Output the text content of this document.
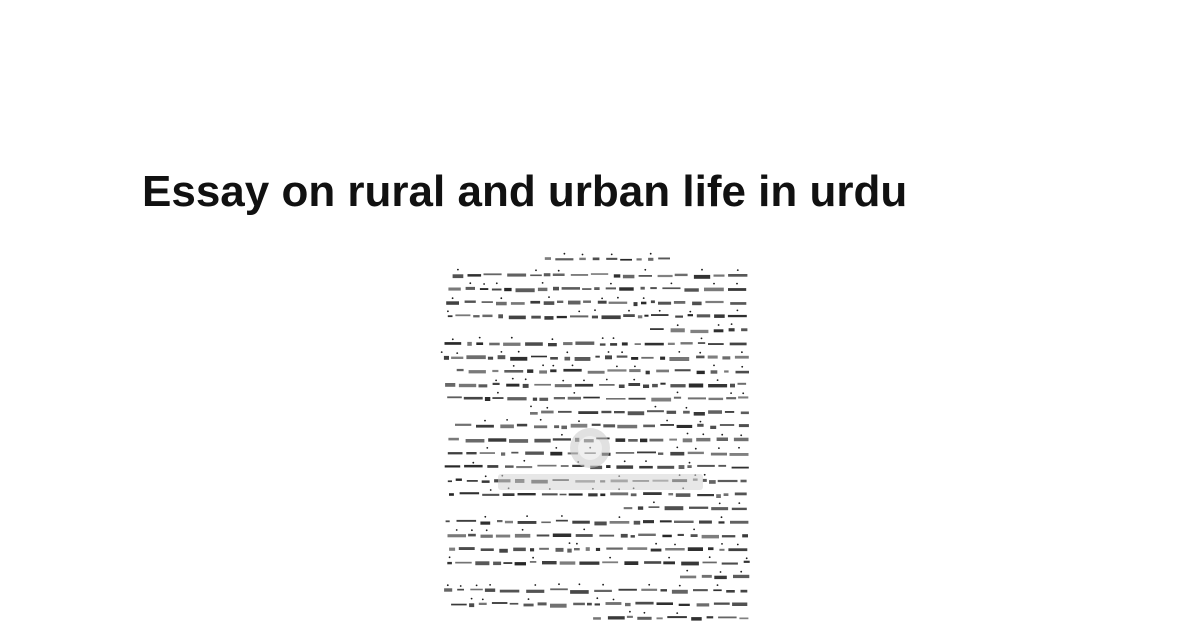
Essay on rural and urban life in urdu
